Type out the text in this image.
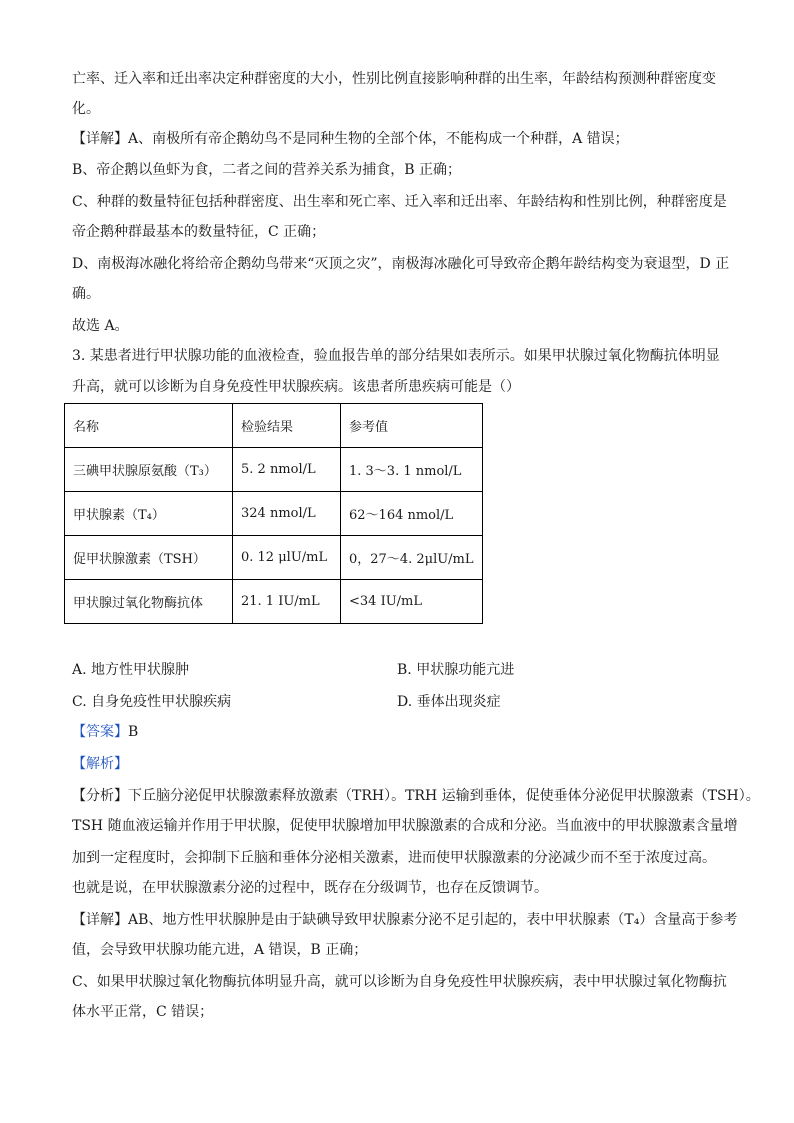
亡率、迁入率和迁出率决定种群密度的大小，性别比例直接影响种群的出生率，年龄结构预测种群密度变
化。
【详解】A、南极所有帝企鹅幼鸟不是同种生物的全部个体，不能构成一个种群，A 错误；
B、帝企鹅以鱼虾为食，二者之间的营养关系为捕食，B 正确；
C、种群的数量特征包括种群密度、出生率和死亡率、迁入率和迁出率、年龄结构和性别比例，种群密度是
帝企鹅种群最基本的数量特征，C 正确；
D、南极海冰融化将给帝企鹅幼鸟带来“灭顶之灾”，南极海冰融化可导致帝企鹅年龄结构变为衰退型，D 正
确。
故选 A。
3. 某患者进行甲状腺功能的血液检查，验血报告单的部分结果如表所示。如果甲状腺过氧化物酶抗体明显
升高，就可以诊断为自身免疫性甲状腺疾病。该患者所患疾病可能是（）
名称	检验结果	参考值
三碘甲状腺原氨酸（T₃）	5. 2 nmol/L	1. 3～3. 1 nmol/L
甲状腺素（T₄）	324 nmol/L	62～164 nmol/L
促甲状腺激素（TSH）	0. 12 μlU/mL	0，27～4. 2μlU/mL
甲状腺过氧化物酶抗体	21. 1 IU/mL	<34 IU/mL
A. 地方性甲状腺肿	B. 甲状腺功能亢进
C. 自身免疫性甲状腺疾病	D. 垂体出现炎症
【答案】B
【解析】
【分析】下丘脑分泌促甲状腺激素释放激素（TRH）。TRH 运输到垂体，促使垂体分泌促甲状腺激素（TSH）。
TSH 随血液运输并作用于甲状腺，促使甲状腺增加甲状腺激素的合成和分泌。当血液中的甲状腺激素含量增
加到一定程度时，会抑制下丘脑和垂体分泌相关激素，进而使甲状腺激素的分泌减少而不至于浓度过高。
也就是说，在甲状腺激素分泌的过程中，既存在分级调节，也存在反馈调节。
【详解】AB、地方性甲状腺肿是由于缺碘导致甲状腺素分泌不足引起的，表中甲状腺素（T₄）含量高于参考
值，会导致甲状腺功能亢进，A 错误，B 正确；
C、如果甲状腺过氧化物酶抗体明显升高，就可以诊断为自身免疫性甲状腺疾病，表中甲状腺过氧化物酶抗
体水平正常，C 错误；
